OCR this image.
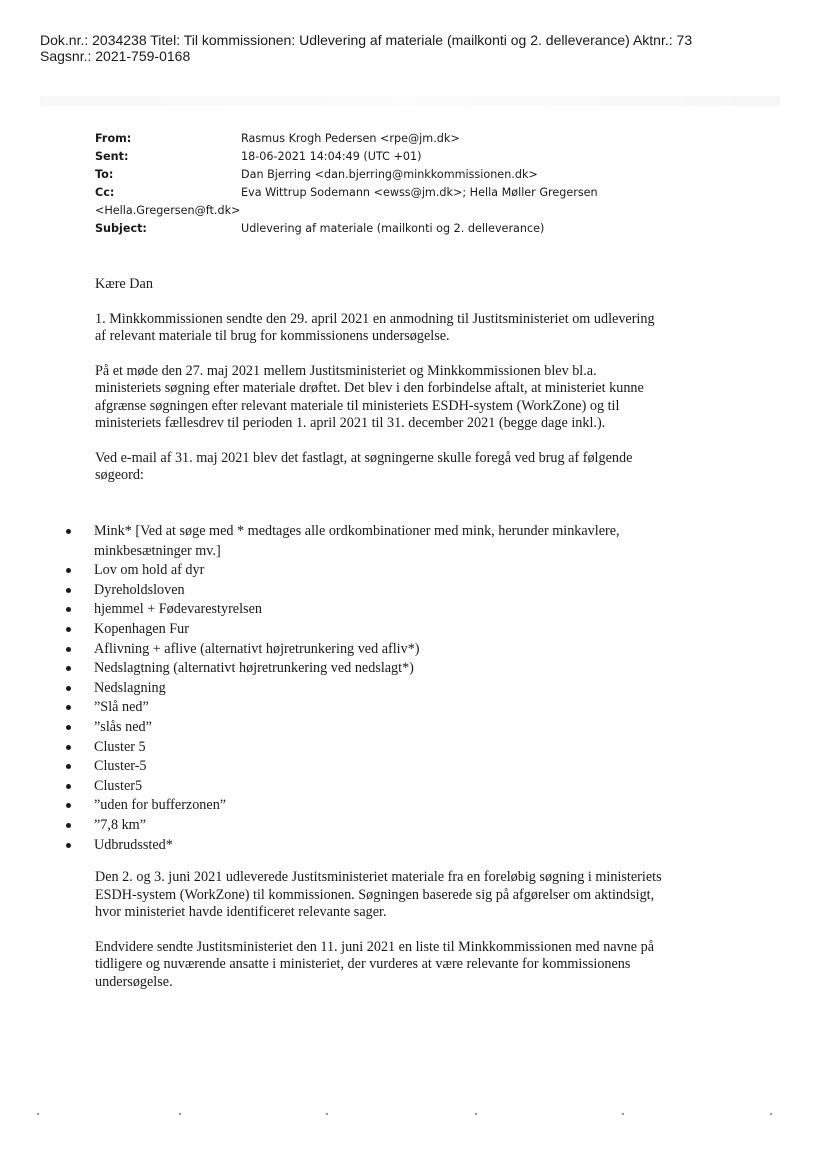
Dok.nr.: 2034238 Titel: Til kommissionen: Udlevering af materiale (mailkonti og 2. delleverance) Aktnr.: 73
Sagsnr.: 2021-759-0168
From:	Rasmus Krogh Pedersen <rpe@jm.dk>
Sent:	18-06-2021 14:04:49 (UTC +01)
To:	Dan Bjerring <dan.bjerring@minkkommissionen.dk>
Cc:	Eva Wittrup Sodemann <ewss@jm.dk>; Hella Møller Gregersen
<Hella.Gregersen@ft.dk>
Subject:	Udlevering af materiale (mailkonti og 2. delleverance)

Kære Dan

1. Minkkommissionen sendte den 29. april 2021 en anmodning til Justitsministeriet om udlevering
af relevant materiale til brug for kommissionens undersøgelse.

På et møde den 27. maj 2021 mellem Justitsministeriet og Minkkommissionen blev bl.a.
ministeriets søgning efter materiale drøftet. Det blev i den forbindelse aftalt, at ministeriet kunne
afgrænse søgningen efter relevant materiale til ministeriets ESDH-system (WorkZone) og til
ministeriets fællesdrev til perioden 1. april 2021 til 31. december 2021 (begge dage inkl.).

Ved e-mail af 31. maj 2021 blev det fastlagt, at søgningerne skulle foregå ved brug af følgende
søgeord:

Mink* [Ved at søge med * medtages alle ordkombinationer med mink, herunder minkavlere,
minkbesætninger mv.]
Lov om hold af dyr
Dyreholdsloven
hjemmel + Fødevarestyrelsen
Kopenhagen Fur
Aflivning + aflive (alternativt højretrunkering ved afliv*)
Nedslagtning (alternativt højretrunkering ved nedslagt*)
Nedslagning
”Slå ned”
”slås ned”
Cluster 5
Cluster-5
Cluster5
”uden for bufferzonen”
”7,8 km”
Udbrudssted*

Den 2. og 3. juni 2021 udleverede Justitsministeriet materiale fra en foreløbig søgning i ministeriets
ESDH-system (WorkZone) til kommissionen. Søgningen baserede sig på afgørelser om aktindsigt,
hvor ministeriet havde identificeret relevante sager.

Endvidere sendte Justitsministeriet den 11. juni 2021 en liste til Minkkommissionen med navne på
tidligere og nuværende ansatte i ministeriet, der vurderes at være relevante for kommissionens
undersøgelse.
